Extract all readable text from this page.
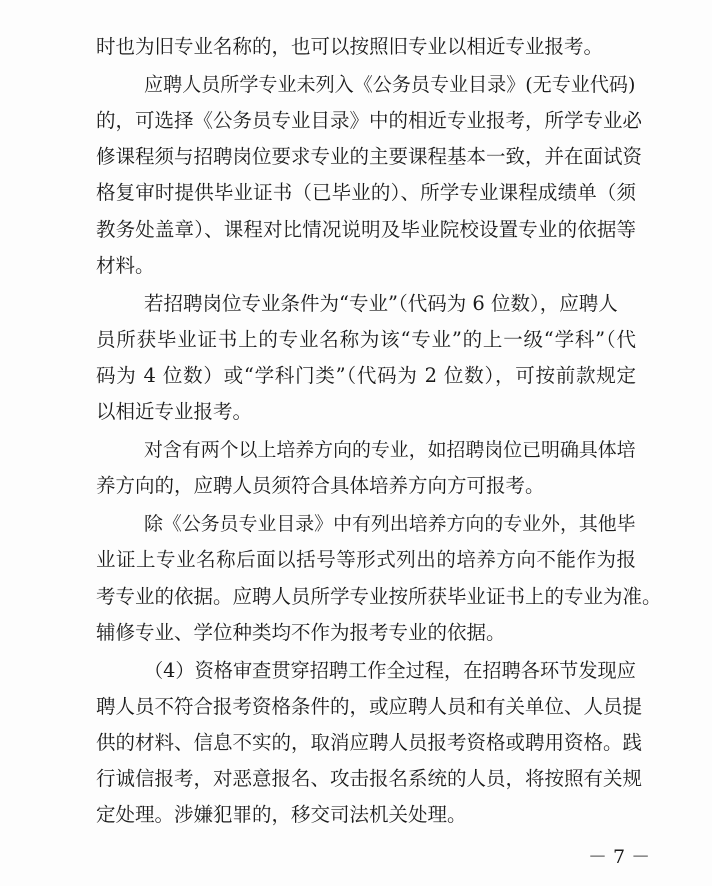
时也为旧专业名称的，也可以按照旧专业以相近专业报考。
应聘人员所学专业未列入《公务员专业目录》(无专业代码)
的，可选择《公务员专业目录》中的相近专业报考，所学专业必
修课程须与招聘岗位要求专业的主要课程基本一致，并在面试资
格复审时提供毕业证书（已毕业的）、所学专业课程成绩单（须
教务处盖章）、课程对比情况说明及毕业院校设置专业的依据等
材料。
若招聘岗位专业条件为“专业”（代码为 6 位数），应聘人
员所获毕业证书上的专业名称为该“专业”的上一级“学科”（代
码为 4 位数）或“学科门类”（代码为 2 位数），可按前款规定
以相近专业报考。
对含有两个以上培养方向的专业，如招聘岗位已明确具体培
养方向的，应聘人员须符合具体培养方向方可报考。
除《公务员专业目录》中有列出培养方向的专业外，其他毕
业证上专业名称后面以括号等形式列出的培养方向不能作为报
考专业的依据。应聘人员所学专业按所获毕业证书上的专业为准。
辅修专业、学位种类均不作为报考专业的依据。
（4）资格审查贯穿招聘工作全过程，在招聘各环节发现应
聘人员不符合报考资格条件的，或应聘人员和有关单位、人员提
供的材料、信息不实的，取消应聘人员报考资格或聘用资格。践
行诚信报考，对恶意报名、攻击报名系统的人员，将按照有关规
定处理。涉嫌犯罪的，移交司法机关处理。
－ 7 －
